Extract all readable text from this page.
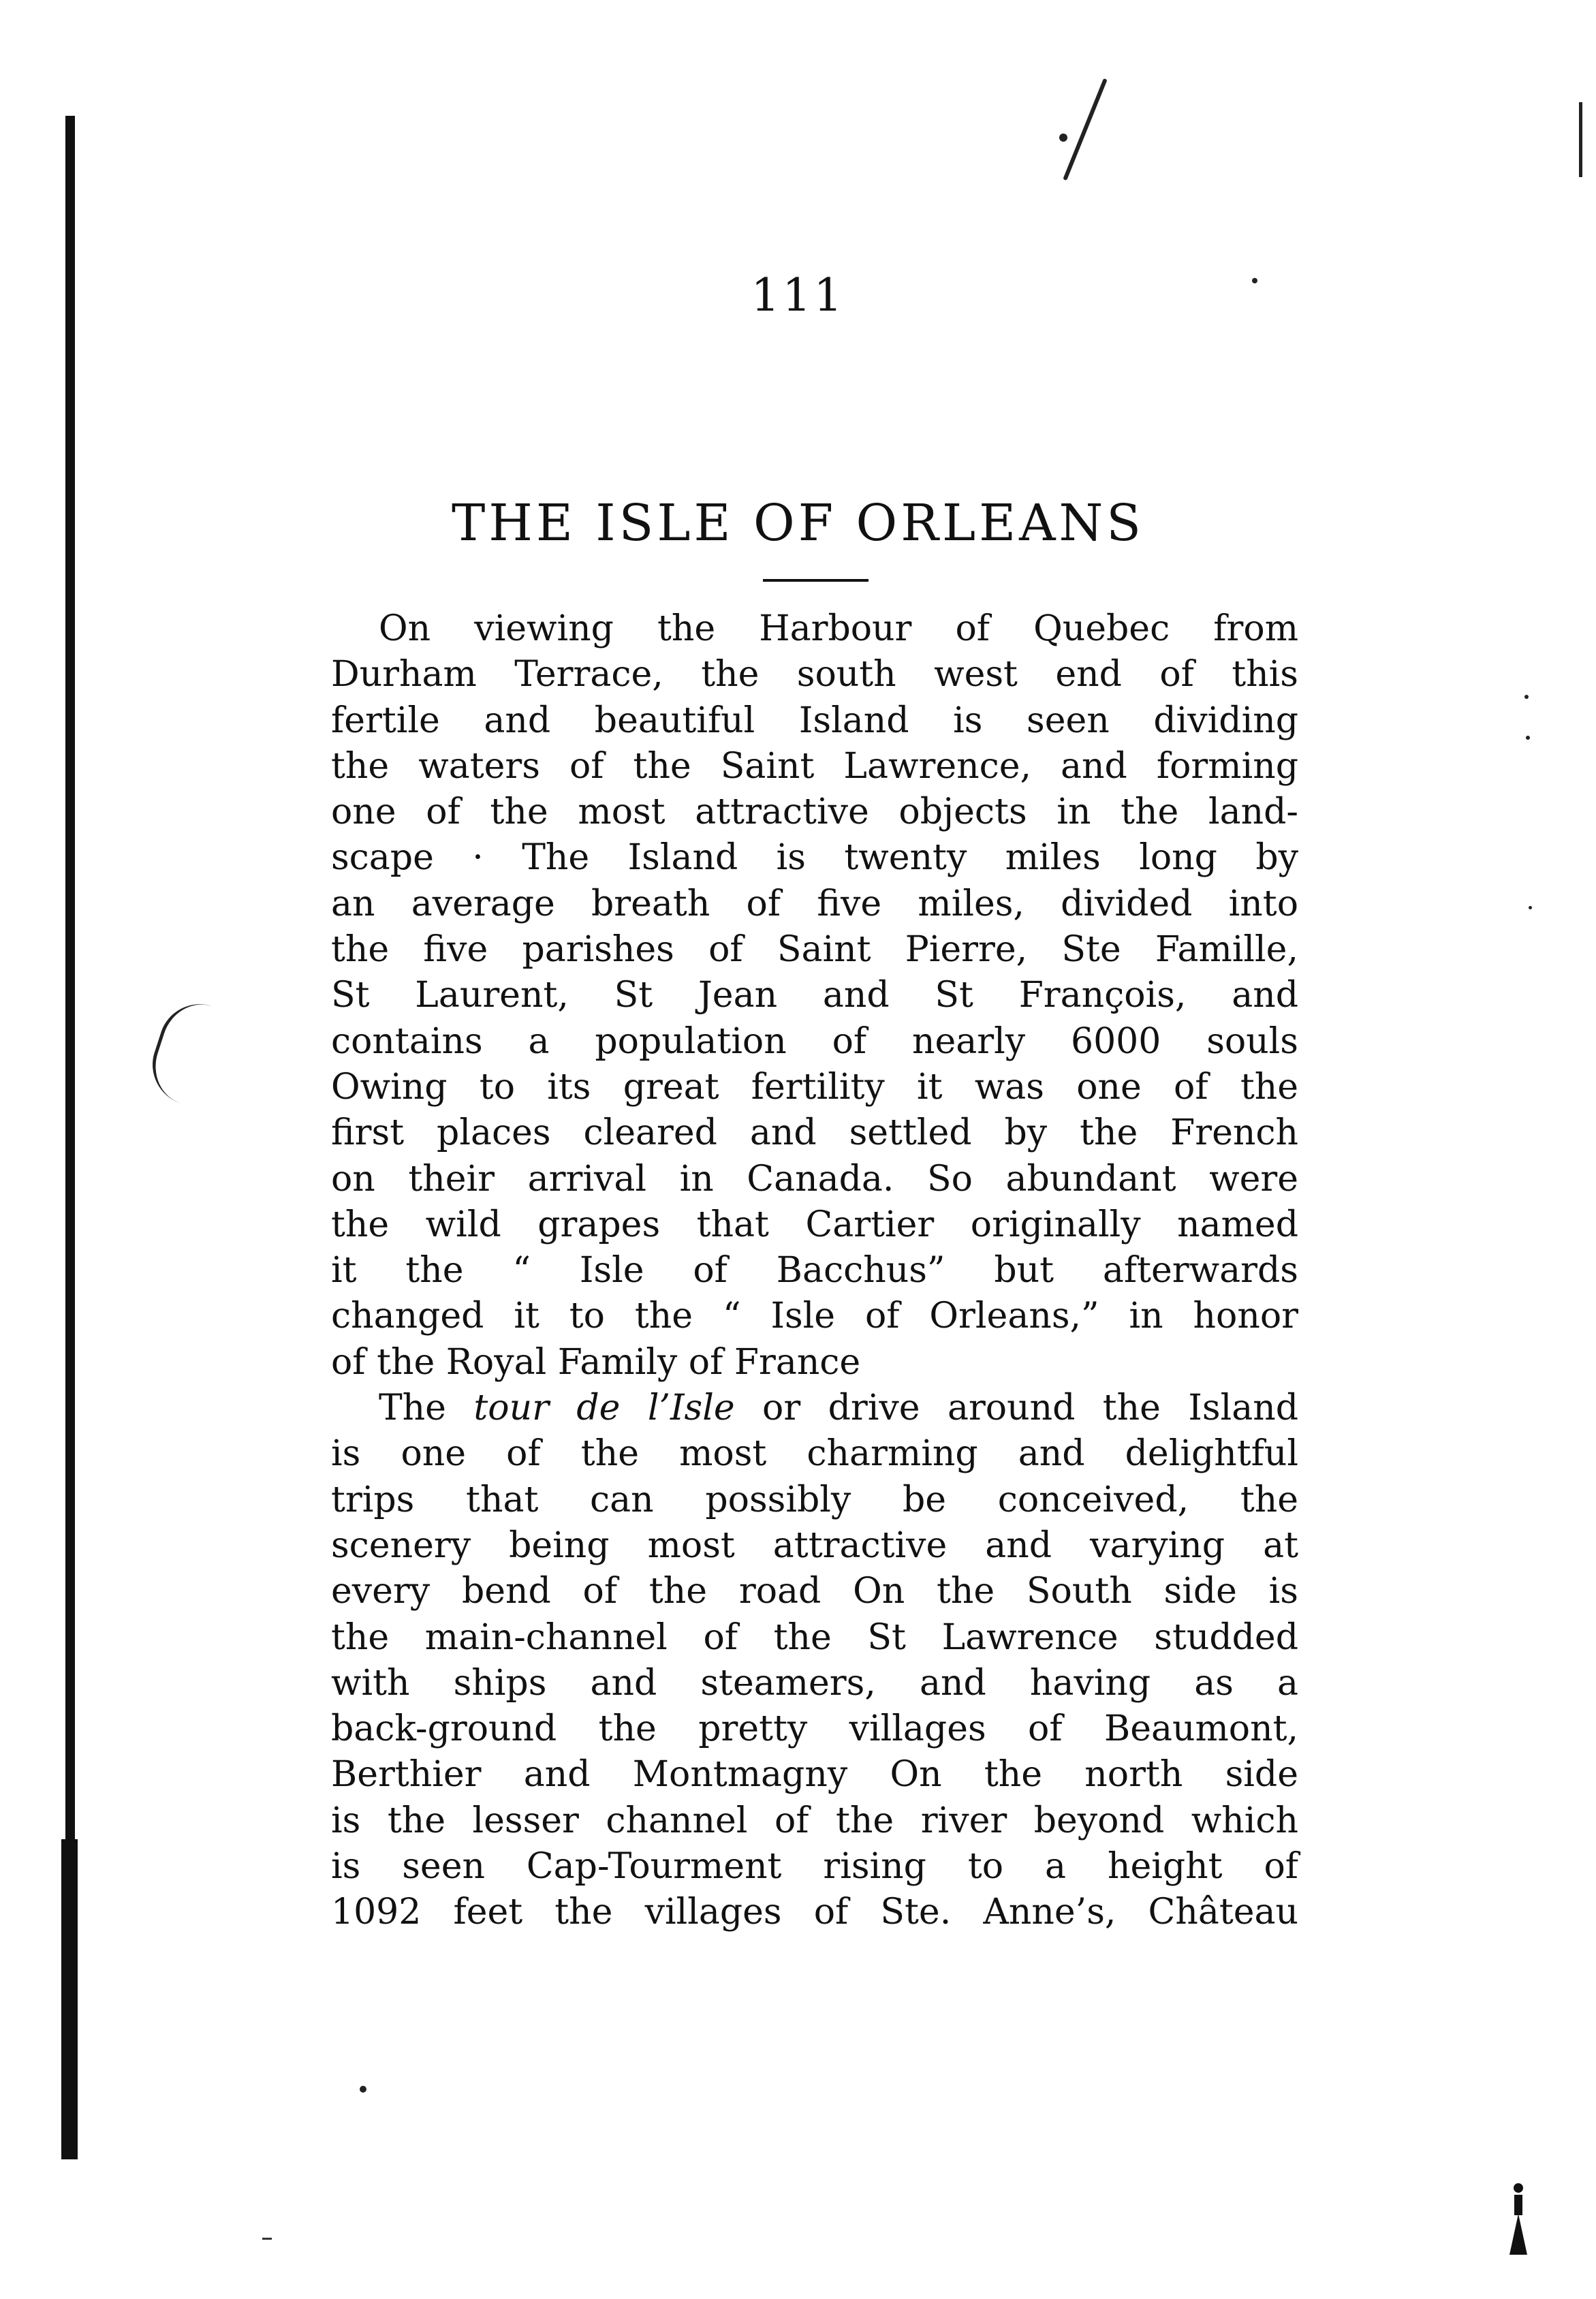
111
THE ISLE OF ORLEANS
On viewing the Harbour of Quebec from
Durham Terrace, the south west end of this
fertile and beautiful Island is seen dividing
the waters of the Saint Lawrence, and forming
one of the most attractive objects in the land-
scape · The Island is twenty miles long by
an average breath of five miles, divided into
the five parishes of Saint Pierre, Ste Famille,
St Laurent, St Jean and St François, and
contains a population of nearly 6000 souls
Owing to its great fertility it was one of the
first places cleared and settled by the French
on their arrival in Canada. So abundant were
the wild grapes that Cartier originally named
it the “ Isle of Bacchus” but afterwards
changed it to the “ Isle of Orleans,” in honor
of the Royal Family of France
The tour de l’Isle or drive around the Island
is one of the most charming and delightful
trips that can possibly be conceived, the
scenery being most attractive and varying at
every bend of the road On the South side is
the main-channel of the St Lawrence studded
with ships and steamers, and having as a
back-ground the pretty villages of Beaumont,
Berthier and Montmagny On the north side
is the lesser channel of the river beyond which
is seen Cap-Tourment rising to a height of
1092 feet the villages of Ste. Anne’s, Château
